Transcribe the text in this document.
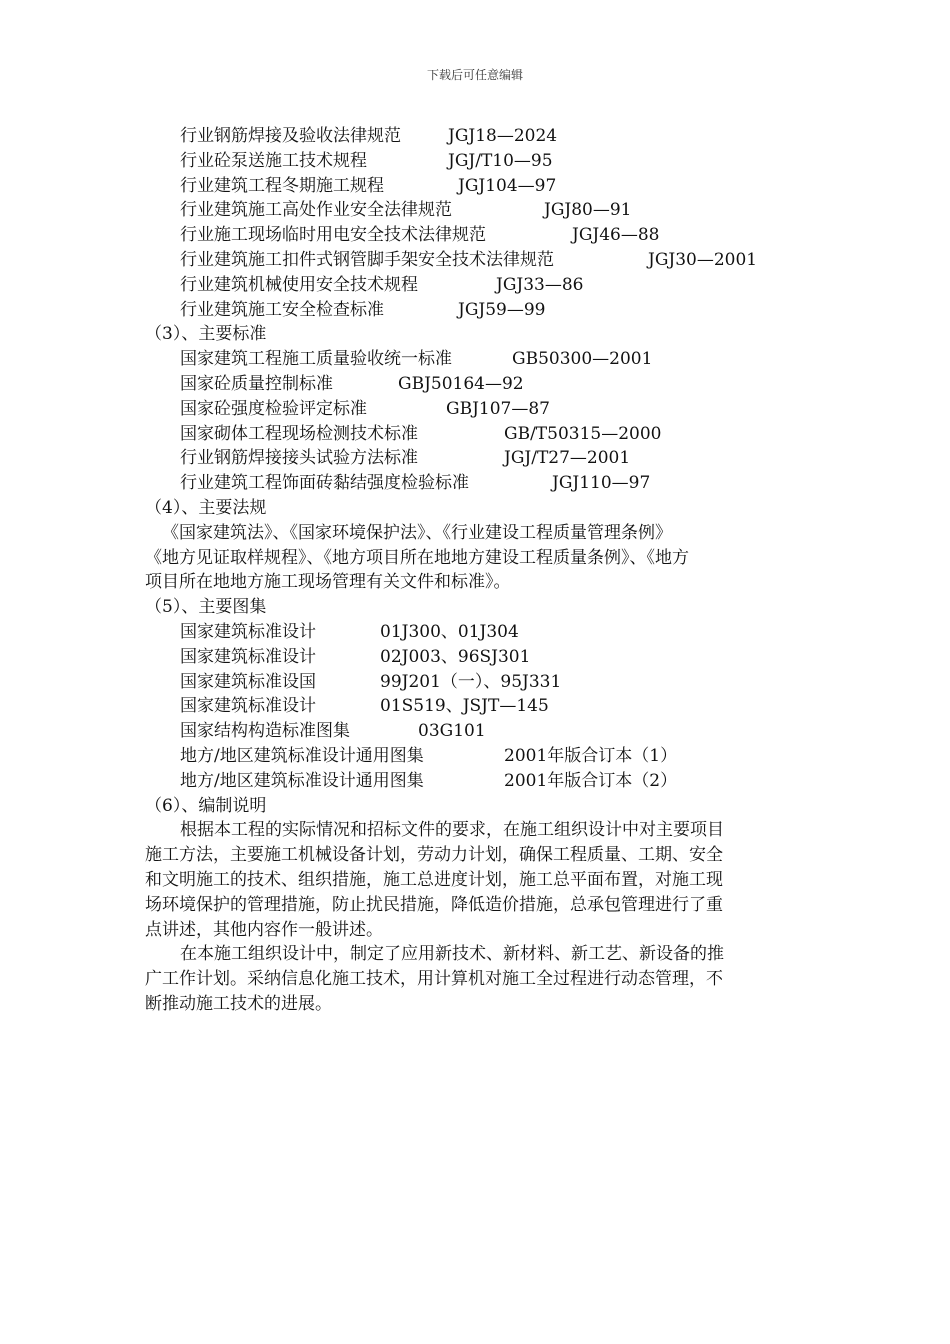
下载后可任意编辑
行业钢筋焊接及验收法律规范	JGJ18—2024
行业砼泵送施工技术规程	JGJ/T10—95
行业建筑工程冬期施工规程	JGJ104—97
行业建筑施工高处作业安全法律规范	JGJ80—91
行业施工现场临时用电安全技术法律规范	JGJ46—88
行业建筑施工扣件式钢管脚手架安全技术法律规范	JGJ30—2001
行业建筑机械使用安全技术规程	JGJ33—86
行业建筑施工安全检查标准	JGJ59—99
（3）、主要标准
国家建筑工程施工质量验收统一标准	GB50300—2001
国家砼质量控制标准	GBJ50164—92
国家砼强度检验评定标准	GBJ107—87
国家砌体工程现场检测技术标准	GB/T50315—2000
行业钢筋焊接接头试验方法标准	JGJ/T27—2001
行业建筑工程饰面砖黏结强度检验标准	JGJ110—97
（4）、主要法规
《国家建筑法》、《国家环境保护法》、《行业建设工程质量管理条例》
《地方见证取样规程》、《地方项目所在地地方建设工程质量条例》、《地方
项目所在地地方施工现场管理有关文件和标准》。
（5）、主要图集
国家建筑标准设计	01J300、01J304
国家建筑标准设计	02J003、96SJ301
国家建筑标准设国	99J201（一）、95J331
国家建筑标准设计	01S519、JSJT—145
国家结构构造标准图集	03G101
地方/地区建筑标准设计通用图集	2001年版合订本（1）
地方/地区建筑标准设计通用图集	2001年版合订本（2）
（6）、编制说明
根据本工程的实际情况和招标文件的要求，在施工组织设计中对主要项目
施工方法，主要施工机械设备计划，劳动力计划，确保工程质量、工期、安全
和文明施工的技术、组织措施，施工总进度计划，施工总平面布置，对施工现
场环境保护的管理措施，防止扰民措施，降低造价措施，总承包管理进行了重
点讲述，其他内容作一般讲述。
在本施工组织设计中，制定了应用新技术、新材料、新工艺、新设备的推
广工作计划。采纳信息化施工技术，用计算机对施工全过程进行动态管理，不
断推动施工技术的进展。
